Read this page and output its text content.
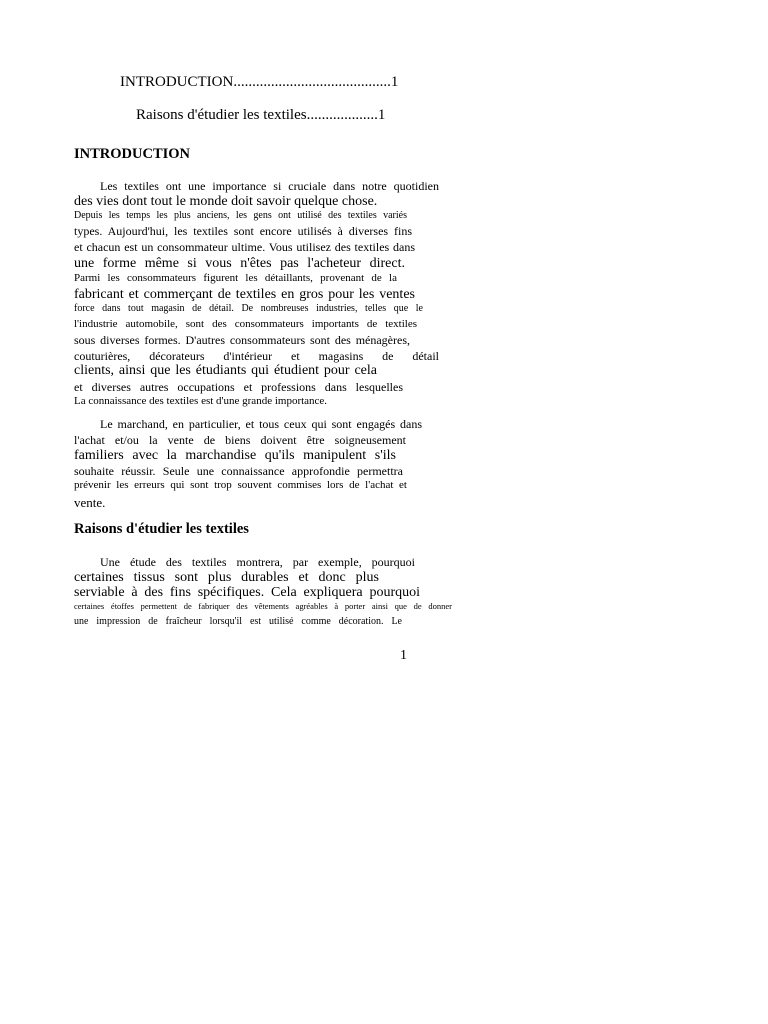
INTRODUCTION..........................................1
Raisons d'étudier les textiles...................1
INTRODUCTION
Les textiles ont une importance si cruciale dans notre quotidien
des vies dont tout le monde doit savoir quelque chose.
Depuis les temps les plus anciens, les gens ont utilisé des textiles variés
types. Aujourd'hui, les textiles sont encore utilisés à diverses fins
et chacun est un consommateur ultime. Vous utilisez des textiles dans
une forme même si vous n'êtes pas l'acheteur direct.
Parmi les consommateurs figurent les détaillants, provenant de la
fabricant et commerçant de textiles en gros pour les ventes
force dans tout magasin de détail. De nombreuses industries, telles que le
l'industrie automobile, sont des consommateurs importants de textiles
sous diverses formes. D'autres consommateurs sont des ménagères,
couturières, décorateurs d'intérieur et magasins de détail
clients, ainsi que les étudiants qui étudient pour cela
et diverses autres occupations et professions dans lesquelles
La connaissance des textiles est d'une grande importance.
Le marchand, en particulier, et tous ceux qui sont engagés dans
l'achat et/ou la vente de biens doivent être soigneusement
familiers avec la marchandise qu'ils manipulent s'ils
souhaite réussir. Seule une connaissance approfondie permettra
prévenir les erreurs qui sont trop souvent commises lors de l'achat et
vente.
Raisons d'étudier les textiles
Une étude des textiles montrera, par exemple, pourquoi
certaines tissus sont plus durables et donc plus
serviable à des fins spécifiques. Cela expliquera pourquoi
certaines étoffes permettent de fabriquer des vêtements agréables à porter ainsi que de donner
une impression de fraîcheur lorsqu'il est utilisé comme décoration. Le
1
